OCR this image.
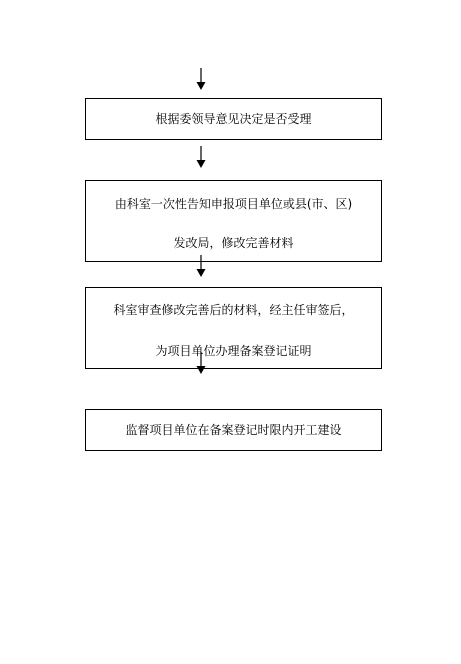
根据委领导意见决定是否受理
由科室一次性告知申报项目单位或县(市、区)
发改局，修改完善材料
科室审查修改完善后的材料，经主任审签后，
为项目单位办理备案登记证明
监督项目单位在备案登记时限内开工建设
